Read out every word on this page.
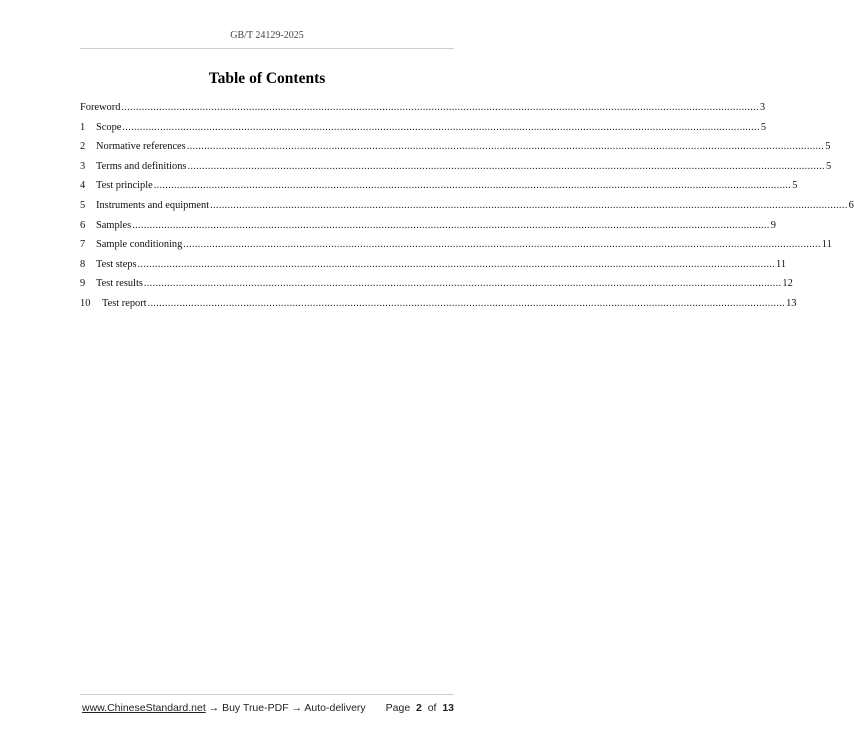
GB/T 24129-2025
Table of Contents
Foreword ............................................................................................................................................................................................................................ 3
1	Scope ............................................................................................................................................................................................................................ 5
2	Normative references ............................................................................................................................................................................................................................ 5
3	Terms and definitions ............................................................................................................................................................................................................................ 5
4	Test principle ............................................................................................................................................................................................................................ 5
5	Instruments and equipment ............................................................................................................................................................................................................................ 6
6	Samples ............................................................................................................................................................................................................................ 9
7	Sample conditioning ............................................................................................................................................................................................................................ 11
8	Test steps ............................................................................................................................................................................................................................ 11
9	Test results ............................................................................................................................................................................................................................ 12
10	Test report ............................................................................................................................................................................................................................ 13
www.ChineseStandard.net → Buy True-PDF → Auto-delivery Page 2 of 13
